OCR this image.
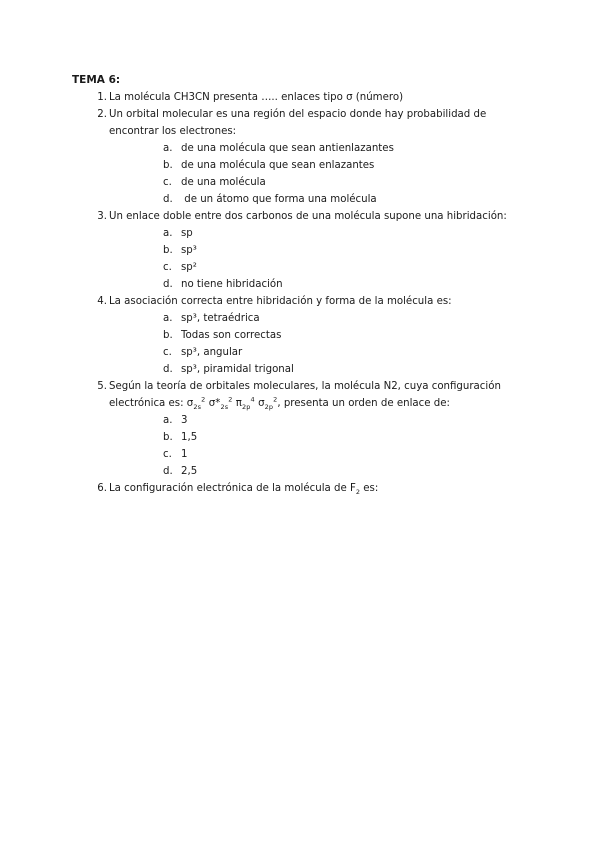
TEMA 6:
1. La molécula CH3CN presenta ….. enlaces tipo σ (número)
2. Un orbital molecular es una región del espacio donde hay probabilidad de encontrar los electrones:
a. de una molécula que sean antienlazantes
b. de una molécula que sean enlazantes
c. de una molécula
d. de un átomo que forma una molécula
3. Un enlace doble entre dos carbonos de una molécula supone una hibridación:
a. sp
b. sp³
c. sp²
d. no tiene hibridación
4. La asociación correcta entre hibridación y forma de la molécula es:
a. sp³, tetraédrica
b. Todas son correctas
c. sp³, angular
d. sp³, piramidal trigonal
5. Según la teoría de orbitales moleculares, la molécula N2, cuya configuración electrónica es: $\sigma_{2s}^2$ $\sigma*_{2s}^2$ $\pi_{2p}^4$ $\sigma_{2p}^2$, presenta un orden de enlace de:
a. 3
b. 1,5
c. 1
d. 2,5
6. La configuración electrónica de la molécula de $F_2$ es:
